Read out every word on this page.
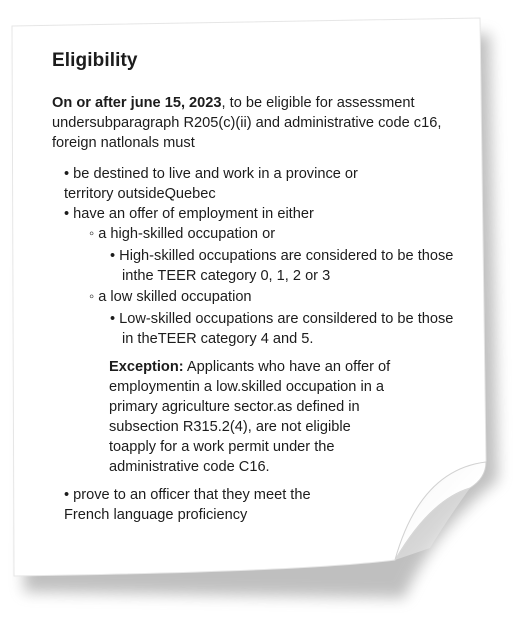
Eligibility
On or after june 15, 2023, to be eligible for assessment undersubparagraph R205(c)(ii) and administrative code c16, foreign natlonals must
• be destined to live and work in a province or territory outsideQuebec
• have an offer of employment in either
◦ a high-skilled occupation or
• High-skilled occupations are considered to be those inthe TEER category 0, 1, 2 or 3
◦ a low skilled occupation
• Low-skilled occupations are consildered to be those in theTEER category 4 and 5.
Exception: Applicants who have an offer of employmentin a low.skilled occupation in a primary agriculture sector.as defined in subsection R315.2(4), are not eligible toapply for a work permit under the administrative code C16.
• prove to an officer that they meet the French language proficiency
